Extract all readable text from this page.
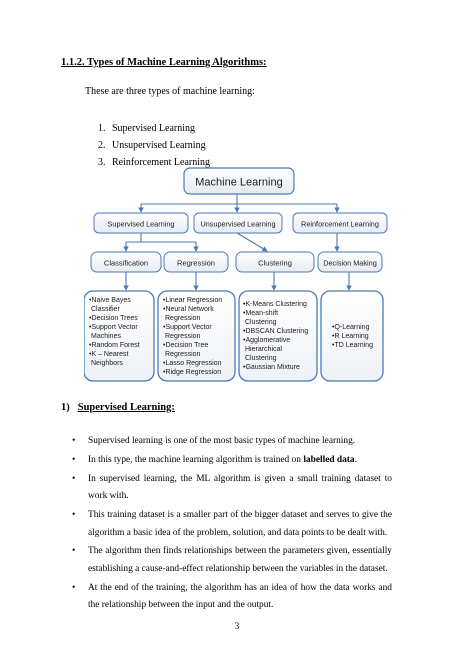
1.1.2. Types of Machine Learning Algorithms:
These are three types of machine learning:
1. Supervised Learning
2. Unsupervised Learning
3. Reinforcement Learning
Machine Learning
Supervised Learning	Unsupervised Learning	Reinforcement Learning
Classification	Regression	Clustering	Decision Making
•Naive Bayes Classifier •Decision Trees •Support Vector Machines •Random Forest •K – Nearest Neighbors
•Linear Regression •Neural Network Regression •Support Vector Regression •Decision Tree Regression •Lasso Regression •Ridge Regression
•K-Means Clustering •Mean-shift Clustering •DBSCAN Clustering •Agglomerative Hierarchical Clustering •Gaussian Mixture
•Q-Learning •R Learning •TD Learning
1) Supervised Learning:
• Supervised learning is one of the most basic types of machine learning.
• In this type, the machine learning algorithm is trained on labelled data.
• In supervised learning, the ML algorithm is given a small training dataset to work with.
• This training dataset is a smaller part of the bigger dataset and serves to give the algorithm a basic idea of the problem, solution, and data points to be dealt with.
• The algorithm then finds relationships between the parameters given, essentially establishing a cause-and-effect relationship between the variables in the dataset.
• At the end of the training, the algorithm has an idea of how the data works and the relationship between the input and the output.
3
